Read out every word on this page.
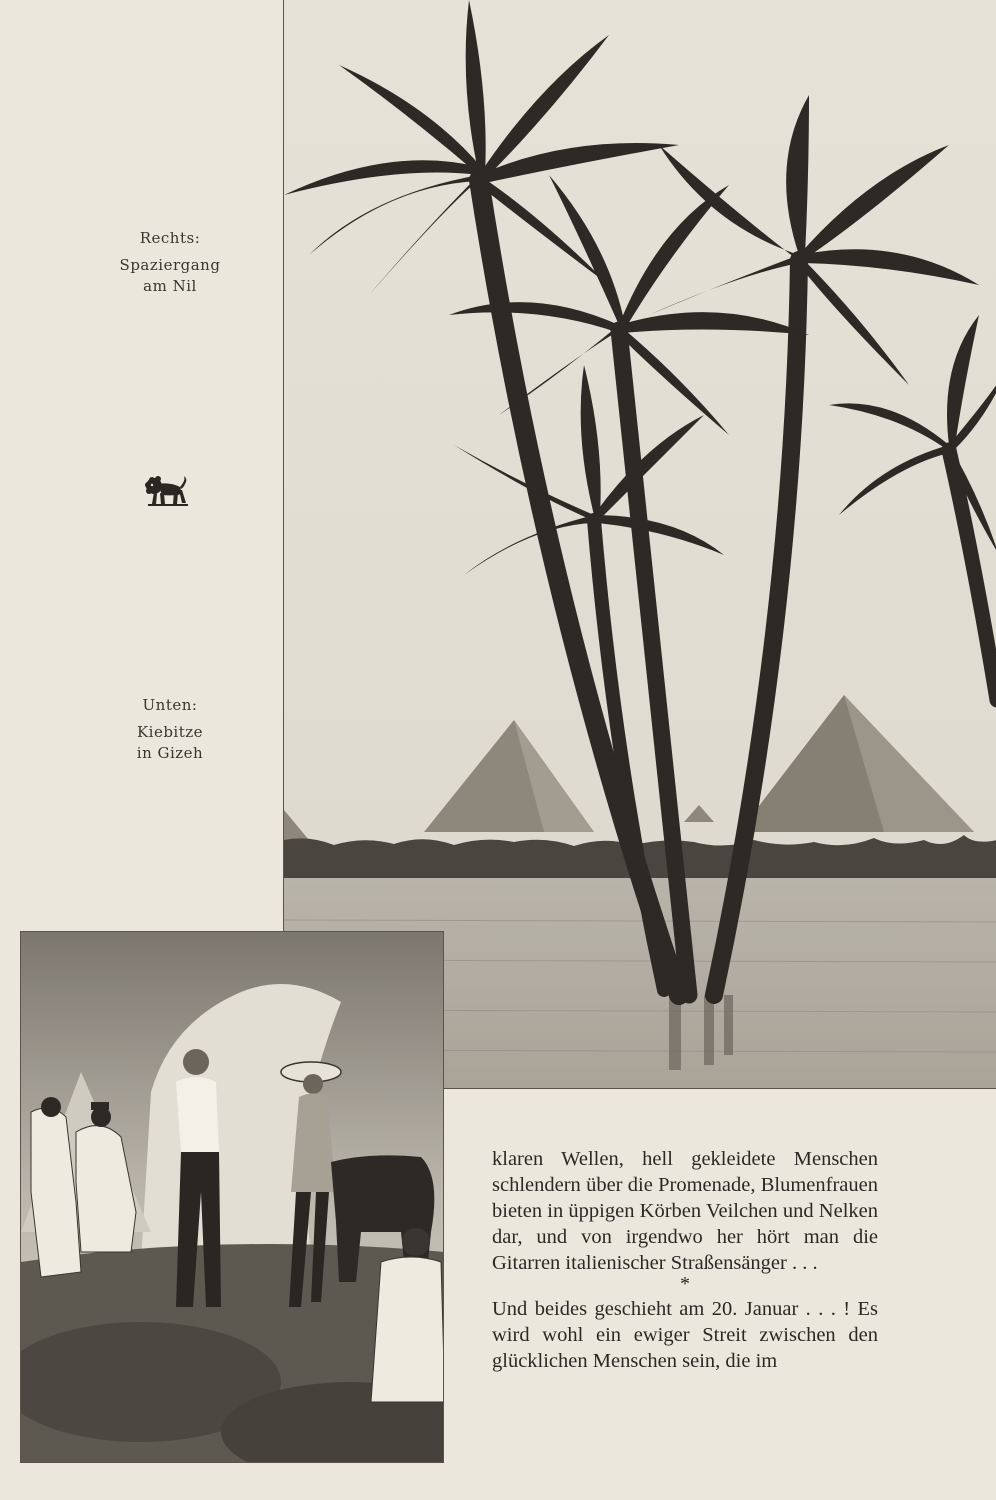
Rechts:
Spaziergang
am Nil
Unten:
Kiebitze
in Gizeh

klaren Wellen, hell gekleidete Menschen schlendern über die Promenade, Blumenfrauen bieten in üppigen Körben Veilchen und Nelken dar, und von irgendwo her hört man die Gitarren italienischer Straßensänger . . .

*

Und beides geschieht am 20. Januar . . . ! Es wird wohl ein ewiger Streit zwischen den glücklichen Menschen sein, die im
